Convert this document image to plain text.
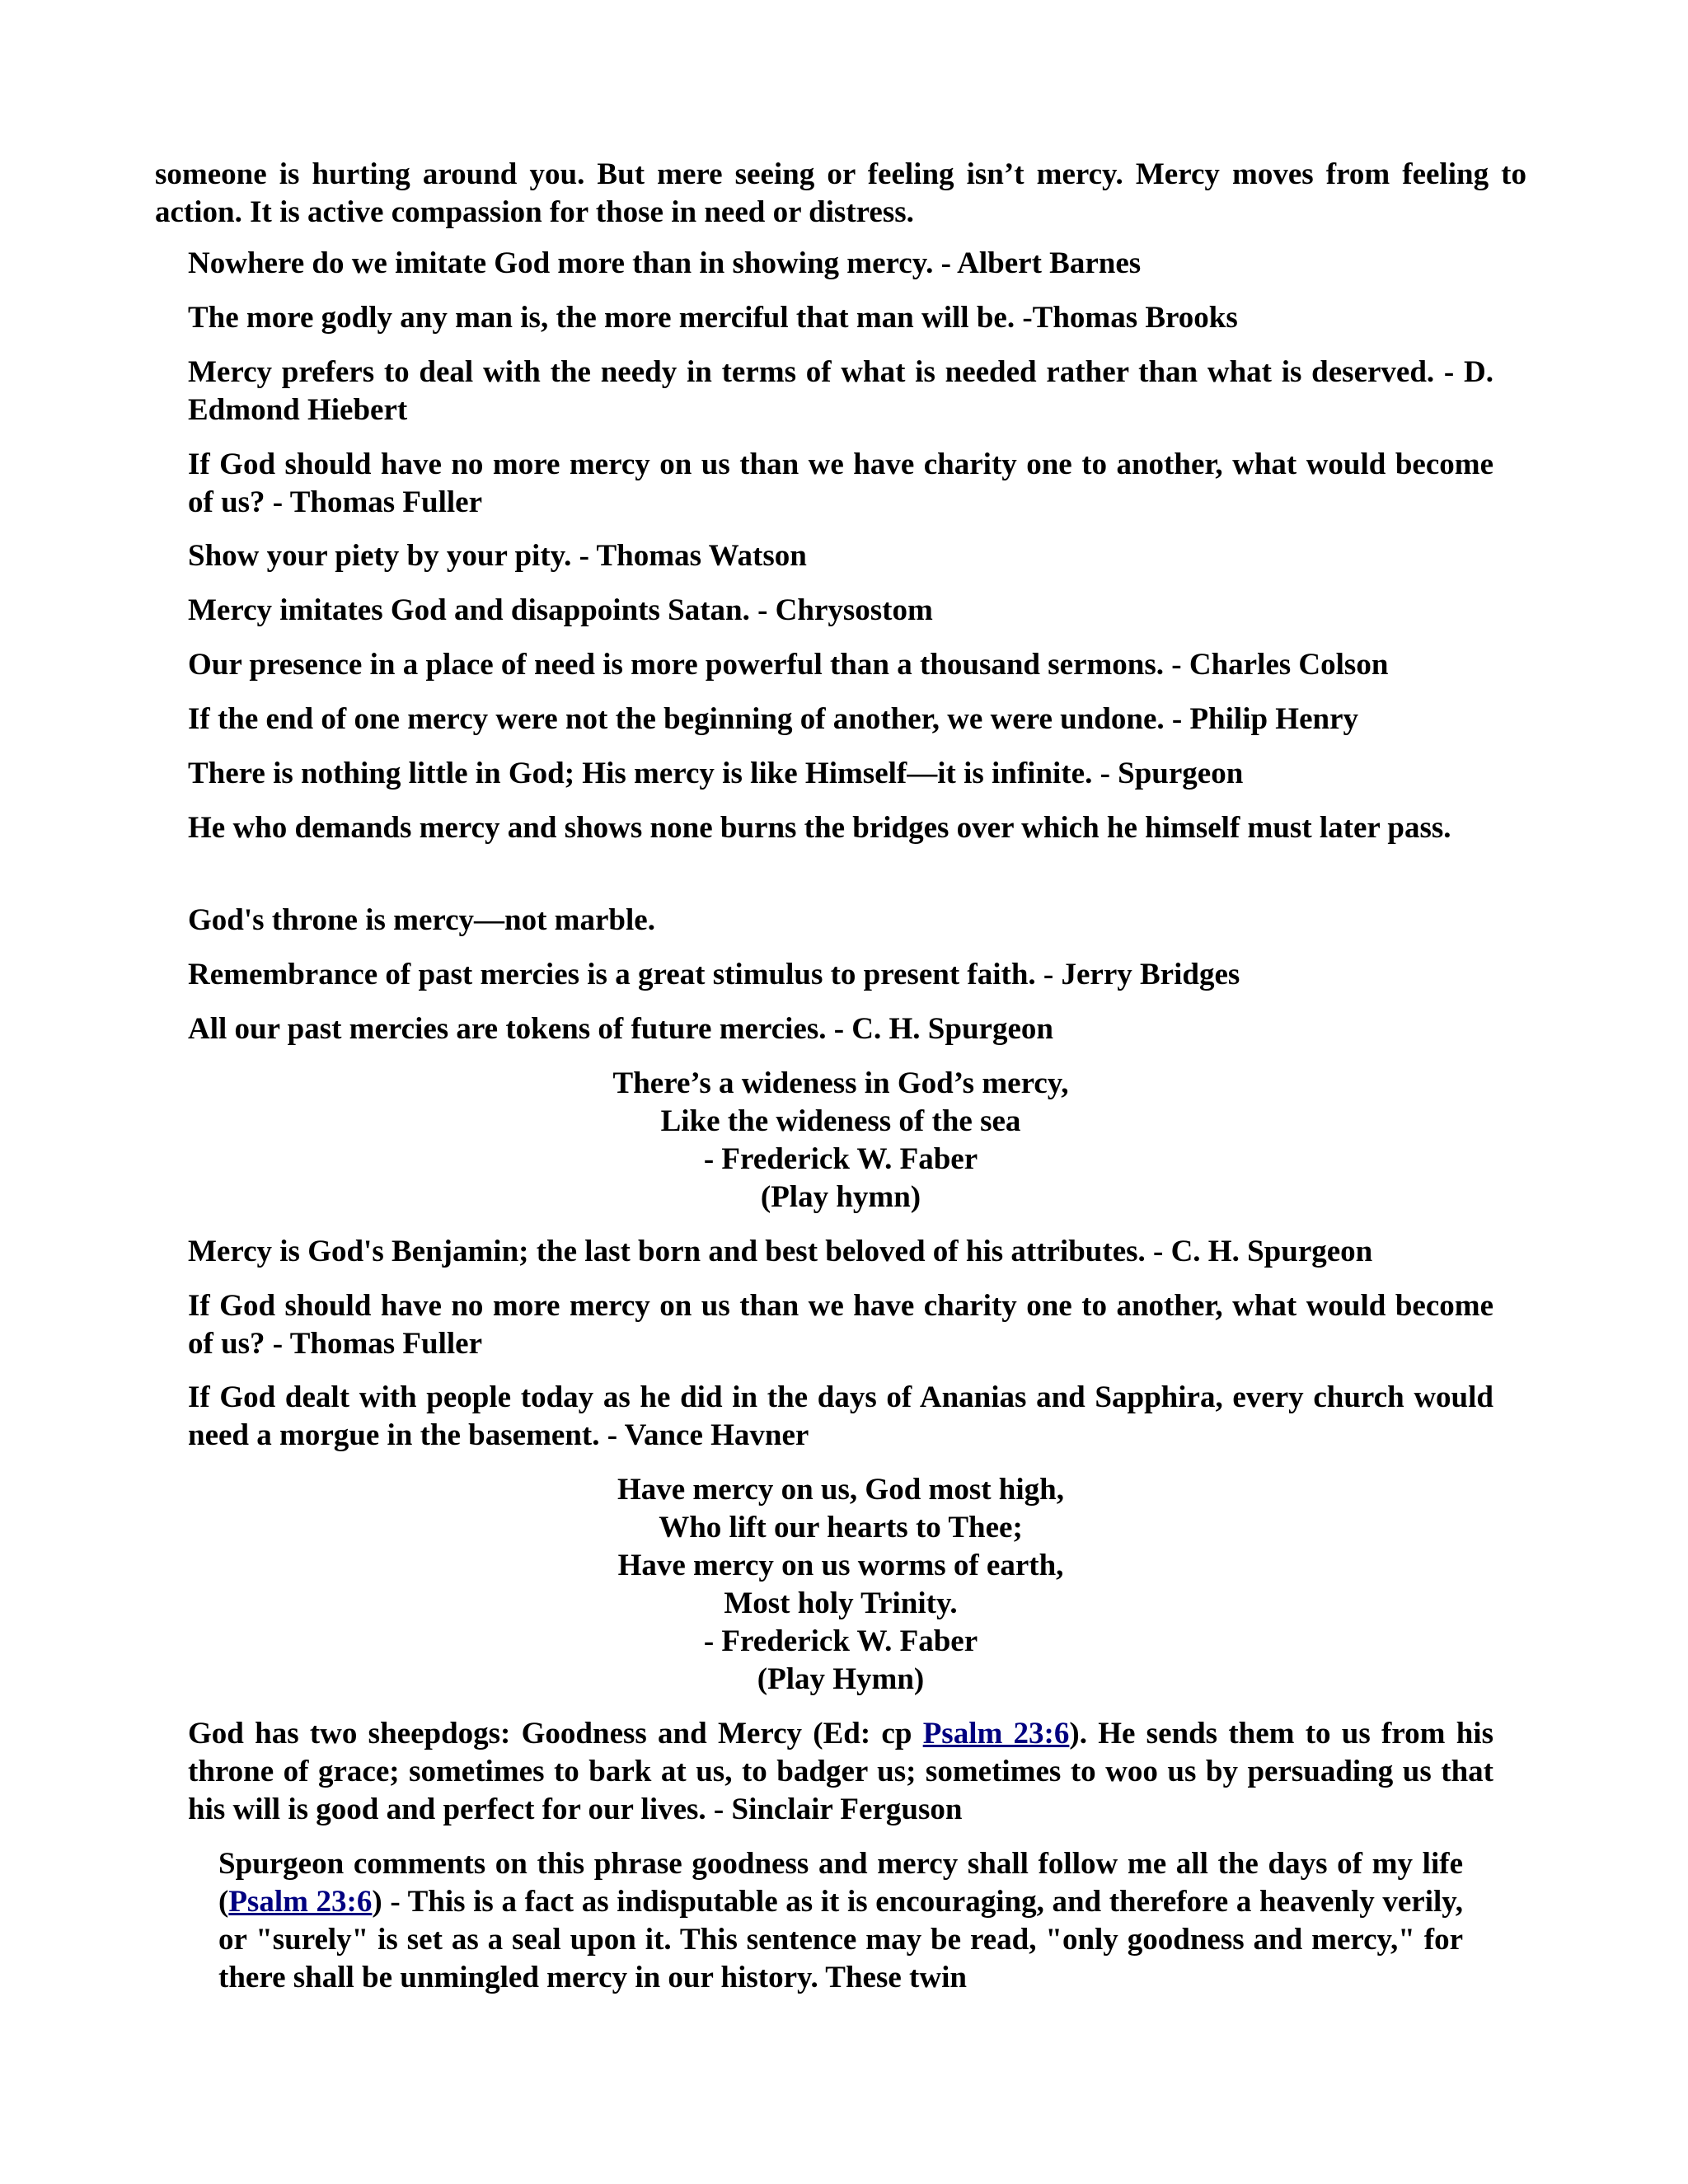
someone is hurting around you. But mere seeing or feeling isn’t mercy. Mercy moves from feeling to action. It is active compassion for those in need or distress.

Nowhere do we imitate God more than in showing mercy. - Albert Barnes

The more godly any man is, the more merciful that man will be. -Thomas Brooks

Mercy prefers to deal with the needy in terms of what is needed rather than what is deserved. - D. Edmond Hiebert

If God should have no more mercy on us than we have charity one to another, what would become of us? - Thomas Fuller

Show your piety by your pity. - Thomas Watson

Mercy imitates God and disappoints Satan. - Chrysostom

Our presence in a place of need is more powerful than a thousand sermons. - Charles Colson

If the end of one mercy were not the beginning of another, we were undone. - Philip Henry

There is nothing little in God; His mercy is like Himself—it is infinite. - Spurgeon

He who demands mercy and shows none burns the bridges over which he himself must later pass.

God's throne is mercy—not marble.

Remembrance of past mercies is a great stimulus to present faith. - Jerry Bridges

All our past mercies are tokens of future mercies. - C. H. Spurgeon

There’s a wideness in God’s mercy,
Like the wideness of the sea
- Frederick W. Faber
(Play hymn)

Mercy is God's Benjamin; the last born and best beloved of his attributes. - C. H. Spurgeon

If God should have no more mercy on us than we have charity one to another, what would become of us? - Thomas Fuller

If God dealt with people today as he did in the days of Ananias and Sapphira, every church would need a morgue in the basement. - Vance Havner

Have mercy on us, God most high,
Who lift our hearts to Thee;
Have mercy on us worms of earth,
Most holy Trinity.
- Frederick W. Faber
(Play Hymn)

God has two sheepdogs: Goodness and Mercy (Ed: cp Psalm 23:6). He sends them to us from his throne of grace; sometimes to bark at us, to badger us; sometimes to woo us by persuading us that his will is good and perfect for our lives. - Sinclair Ferguson

Spurgeon comments on this phrase goodness and mercy shall follow me all the days of my life (Psalm 23:6) - This is a fact as indisputable as it is encouraging, and therefore a heavenly verily, or "surely" is set as a seal upon it. This sentence may be read, "only goodness and mercy," for there shall be unmingled mercy in our history. These twin
